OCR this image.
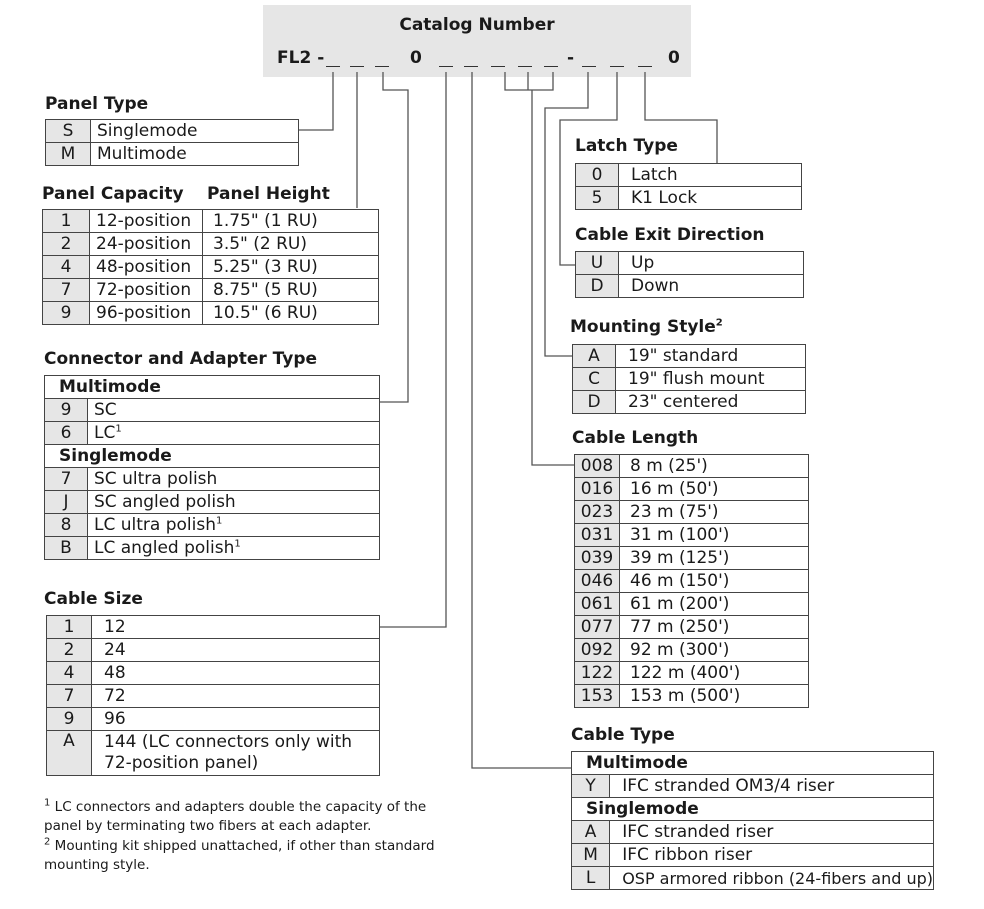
Catalog Number
FL2 -	0	-	0
Panel Type
S	Singlemode
M	Multimode
Panel Capacity Panel Height
1	12-position	1.75" (1 RU)
2	24-position	3.5" (2 RU)
4	48-position	5.25" (3 RU)
7	72-position	8.75" (5 RU)
9	96-position	10.5" (6 RU)
Connector and Adapter Type
Multimode	
9	SC
6	$LC^1$
Singlemode	
7	SC ultra polish
J	SC angled polish
8	LC ultra polish$^1$
B	LC angled polish$^1$
Cable Size
1	12
2	24
4	48
7	72
9	96
A	144 (LC connectors only with 72-position panel)
$^1$ LC connectors and adapters double the capacity of the panel by terminating two fibers at each adapter.
$^2$ Mounting kit shipped unattached, if other than standard mounting style.
Latch Type
0	Latch
5	K1 Lock
Cable Exit Direction
U	Up
D	Down
Mounting Style$^2$
A	19" standard
C	19" flush mount
D	23" centered
Cable Length
008	8 m (25')
016	16 m (50')
023	23 m (75')
031	31 m (100')
039	39 m (125')
046	46 m (150')
061	61 m (200')
077	77 m (250')
092	92 m (300')
122	122 m (400')
153	153 m (500')
Cable Type
Multimode	
Y	IFC stranded OM3/4 riser
Singlemode	
A	IFC stranded riser
M	IFC ribbon riser
L	OSP armored ribbon (24-fibers and up)
